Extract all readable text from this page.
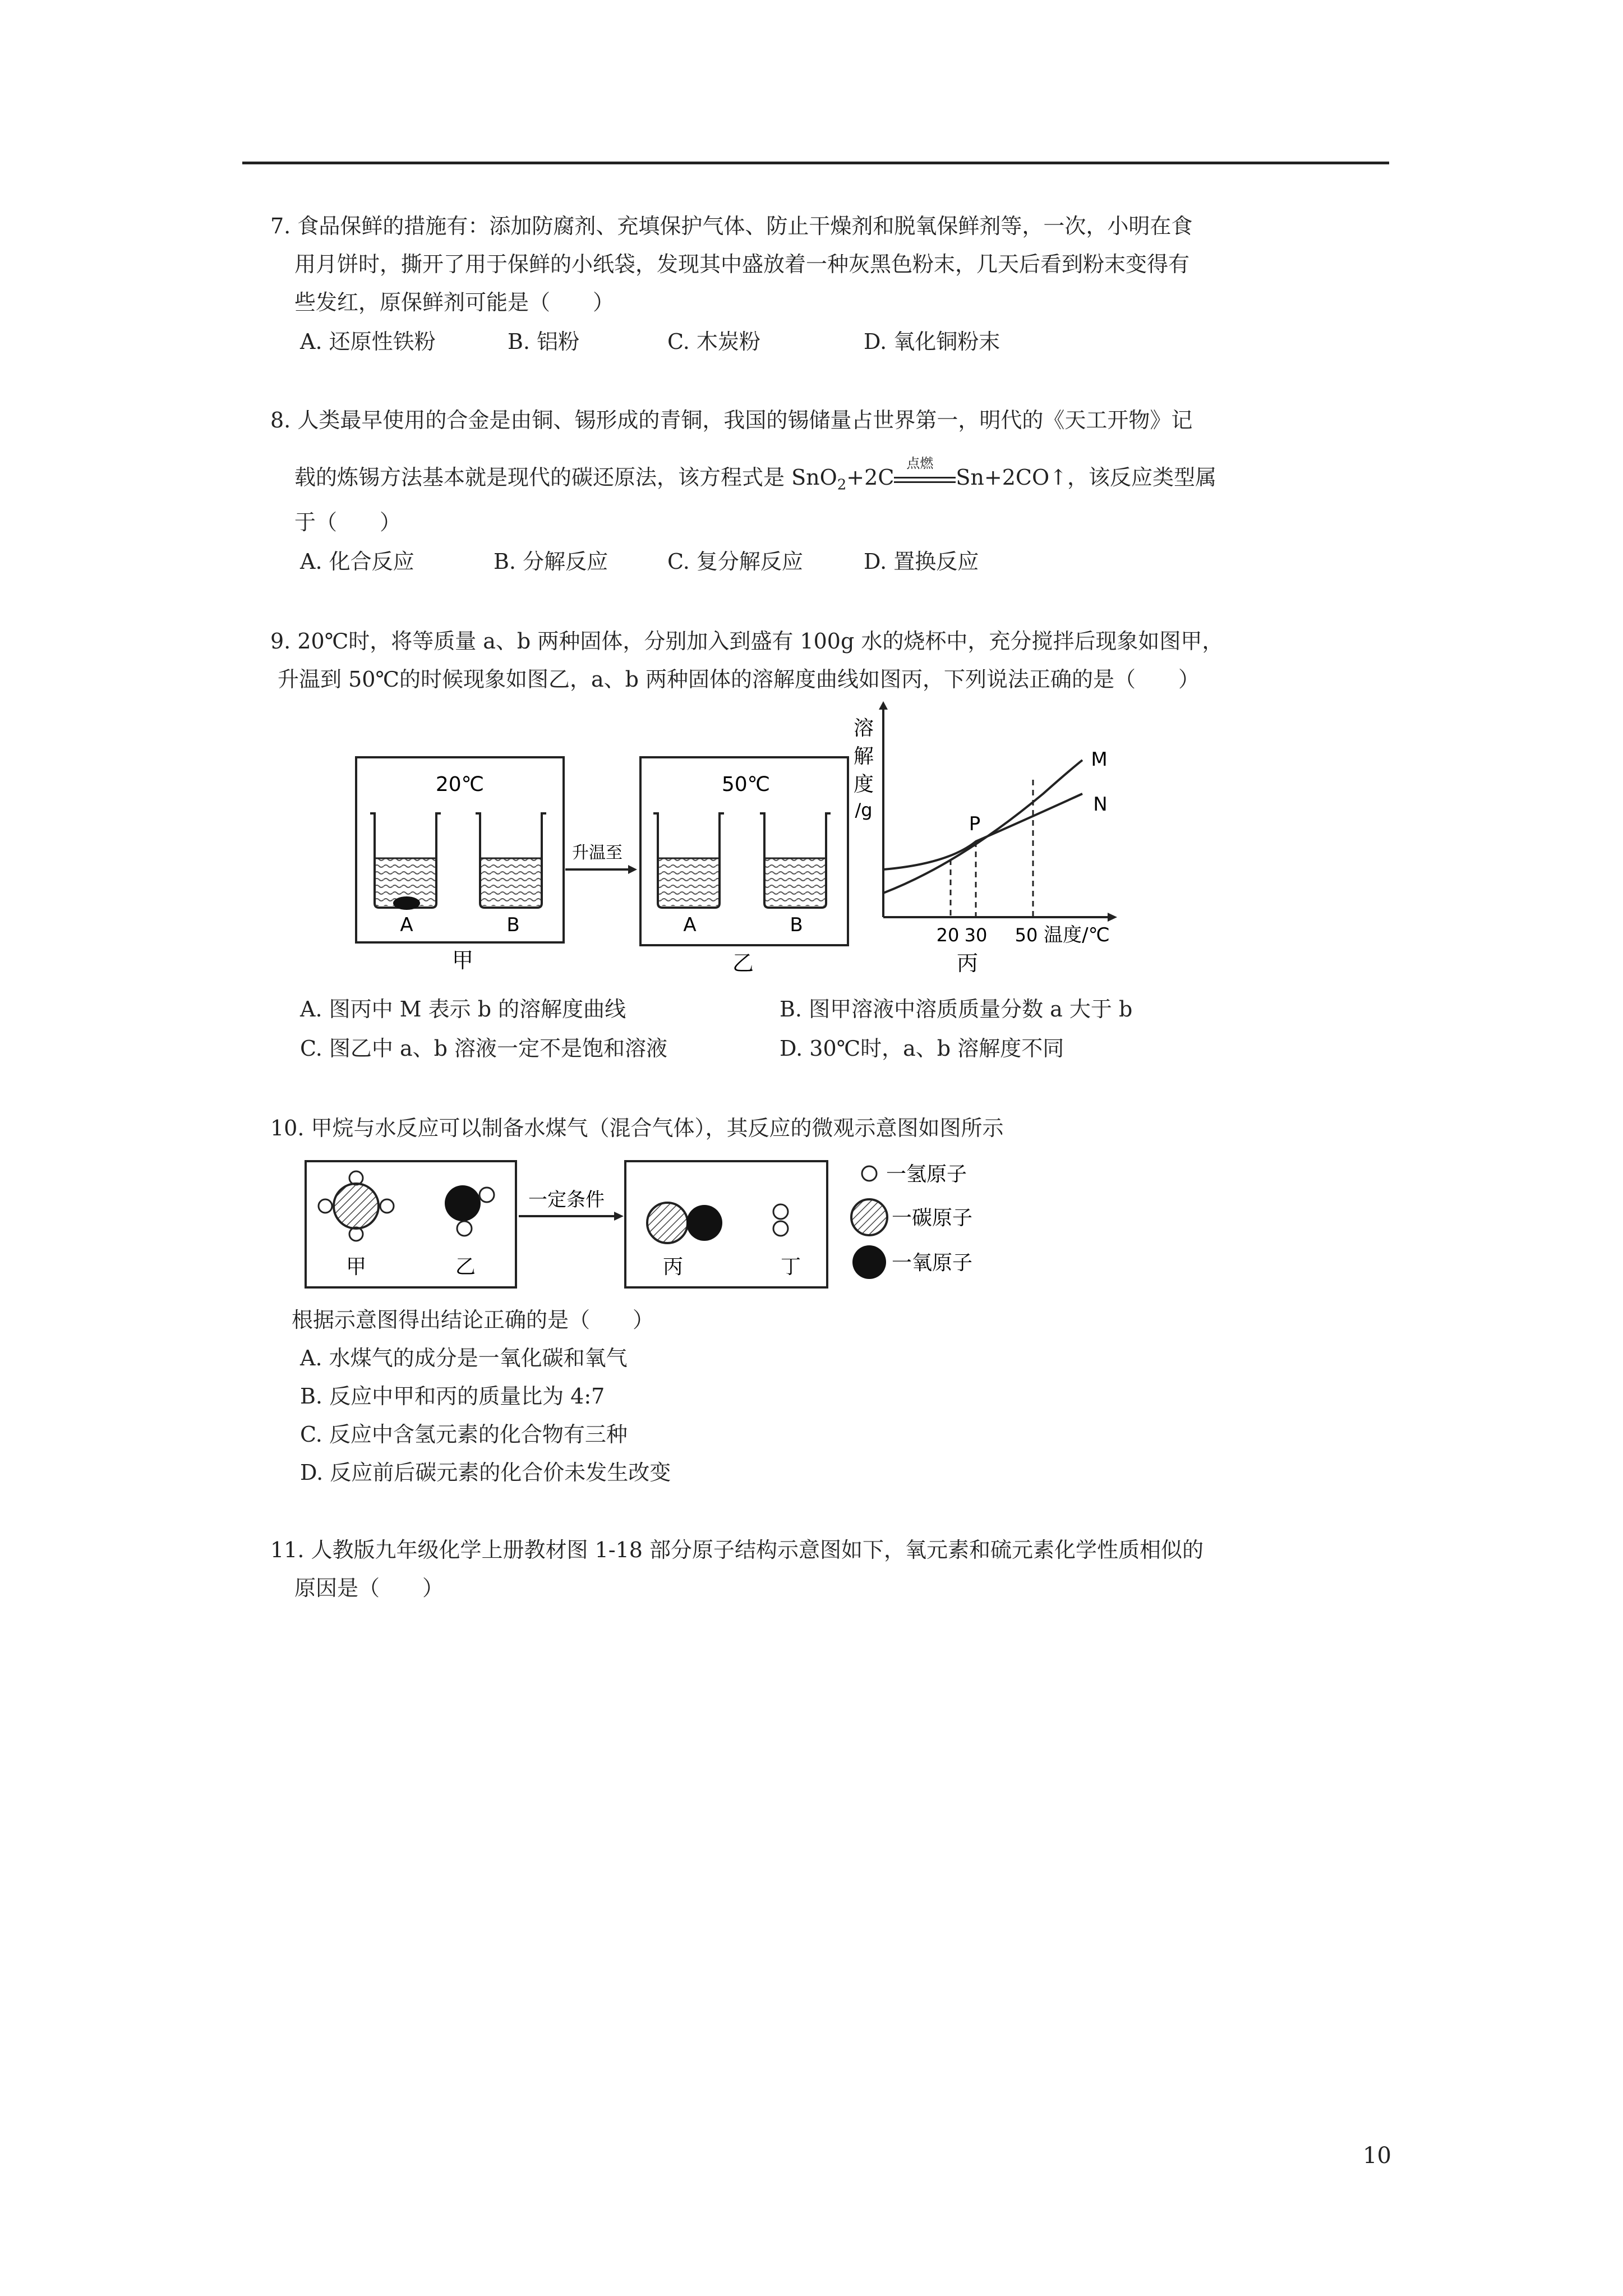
7. 食品保鲜的措施有：添加防腐剂、充填保护气体、防止干燥剂和脱氧保鲜剂等，一次，小明在食
用月饼时，撕开了用于保鲜的小纸袋，发现其中盛放着一种灰黑色粉末，几天后看到粉末变得有
些发红，原保鲜剂可能是（　　）
A. 还原性铁粉	B. 铝粉	C. 木炭粉	D. 氧化铜粉末
8. 人类最早使用的合金是由铜、锡形成的青铜，我国的锡储量占世界第一，明代的《天工开物》记
载的炼锡方法基本就是现代的碳还原法，该方程式是 SnO$_2$+2C
点燃
Sn+2CO↑，该反应类型属
于（　　）
A. 化合反应	B. 分解反应	C. 复分解反应	D. 置换反应
9. 20℃时，将等质量 a、b 两种固体，分别加入到盛有 100g 水的烧杯中，充分搅拌后现象如图甲，
升温到 50℃的时候现象如图乙，a、b 两种固体的溶解度曲线如图丙，下列说法正确的是（　　）
20℃
A	B
甲
升温至
50℃
A	B
乙
溶
解
度
/g
M
N
P
20 30 50 温度/℃
丙
A. 图丙中 M 表示 b 的溶解度曲线	B. 图甲溶液中溶质质量分数 a 大于 b
C. 图乙中 a、b 溶液一定不是饱和溶液	D. 30℃时，a、b 溶解度不同
10. 甲烷与水反应可以制备水煤气（混合气体），其反应的微观示意图如图所示
甲	乙
一定条件
丙	丁
一氢原子
一碳原子
一氧原子
根据示意图得出结论正确的是（　　）
A. 水煤气的成分是一氧化碳和氧气
B. 反应中甲和丙的质量比为 4:7
C. 反应中含氢元素的化合物有三种
D. 反应前后碳元素的化合价未发生改变
11. 人教版九年级化学上册教材图 1-18 部分原子结构示意图如下，氧元素和硫元素化学性质相似的
原因是（　　）
10
